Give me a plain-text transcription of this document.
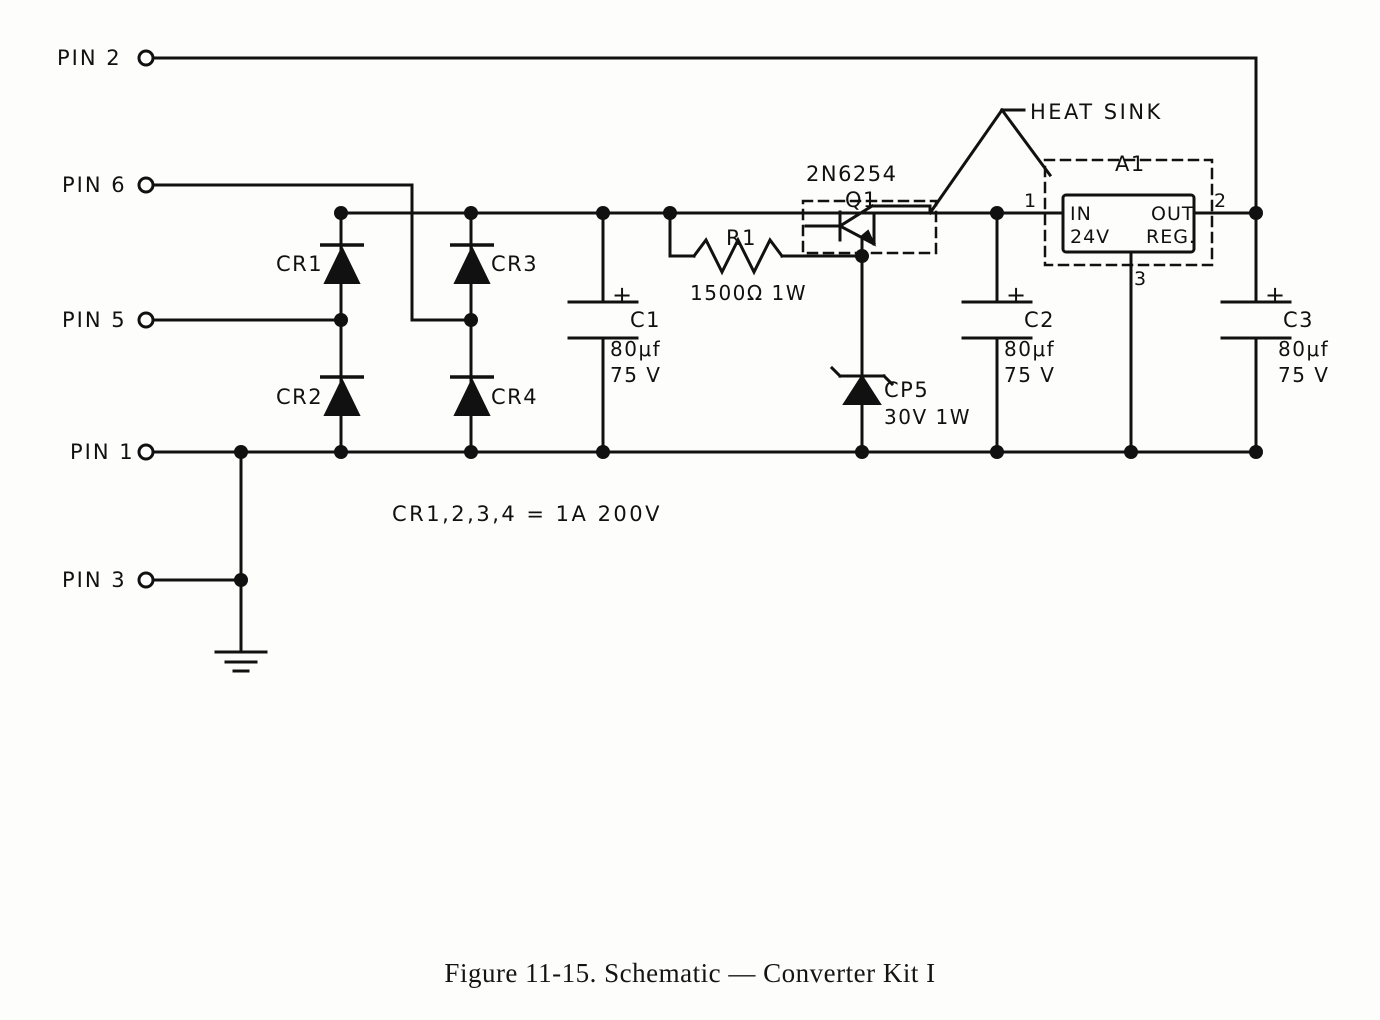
PIN 2
PIN 6
PIN 5
PIN 1
PIN 3
CR1
CR2
CR3
CR4
+
C1
80μf
75 V
R1
1500Ω 1W
2N6254
Q1
CP5
30V 1W
+
C2
80μf
75 V
+
C3
80μf
75 V
A1
IN	OUT
24V REG.
1	2
3
HEAT SINK
CR1,2,3,4 = 1A 200V
Figure 11-15. Schematic — Converter Kit I
